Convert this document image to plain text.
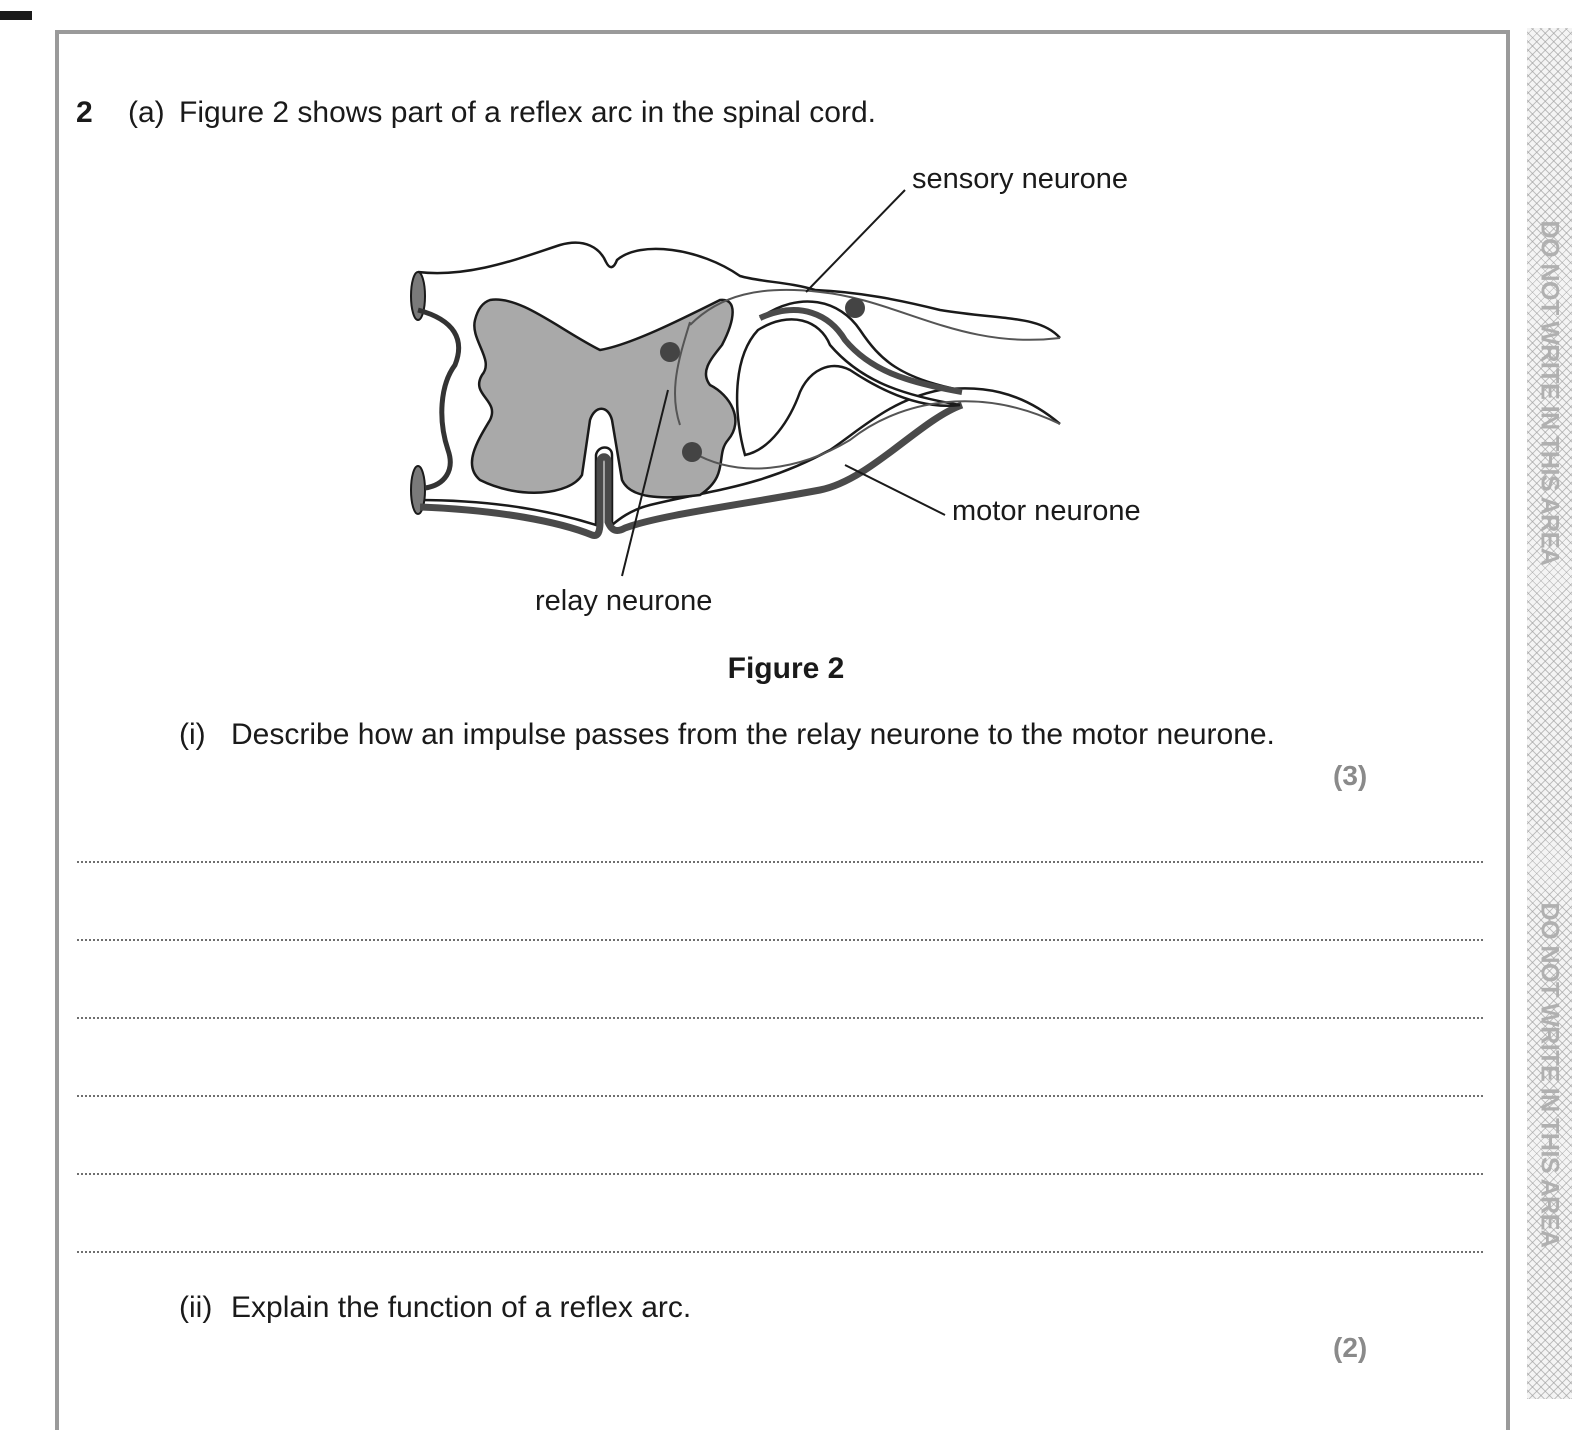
DO NOT WRITE IN THIS AREA
DO NOT WRITE IN THIS AREA
2 (a) Figure 2 shows part of a reflex arc in the spinal cord.
sensory neurone
motor neurone
relay neurone
Figure 2
(i) Describe how an impulse passes from the relay neurone to the motor neurone.
(3)
(ii) Explain the function of a reflex arc.
(2)
